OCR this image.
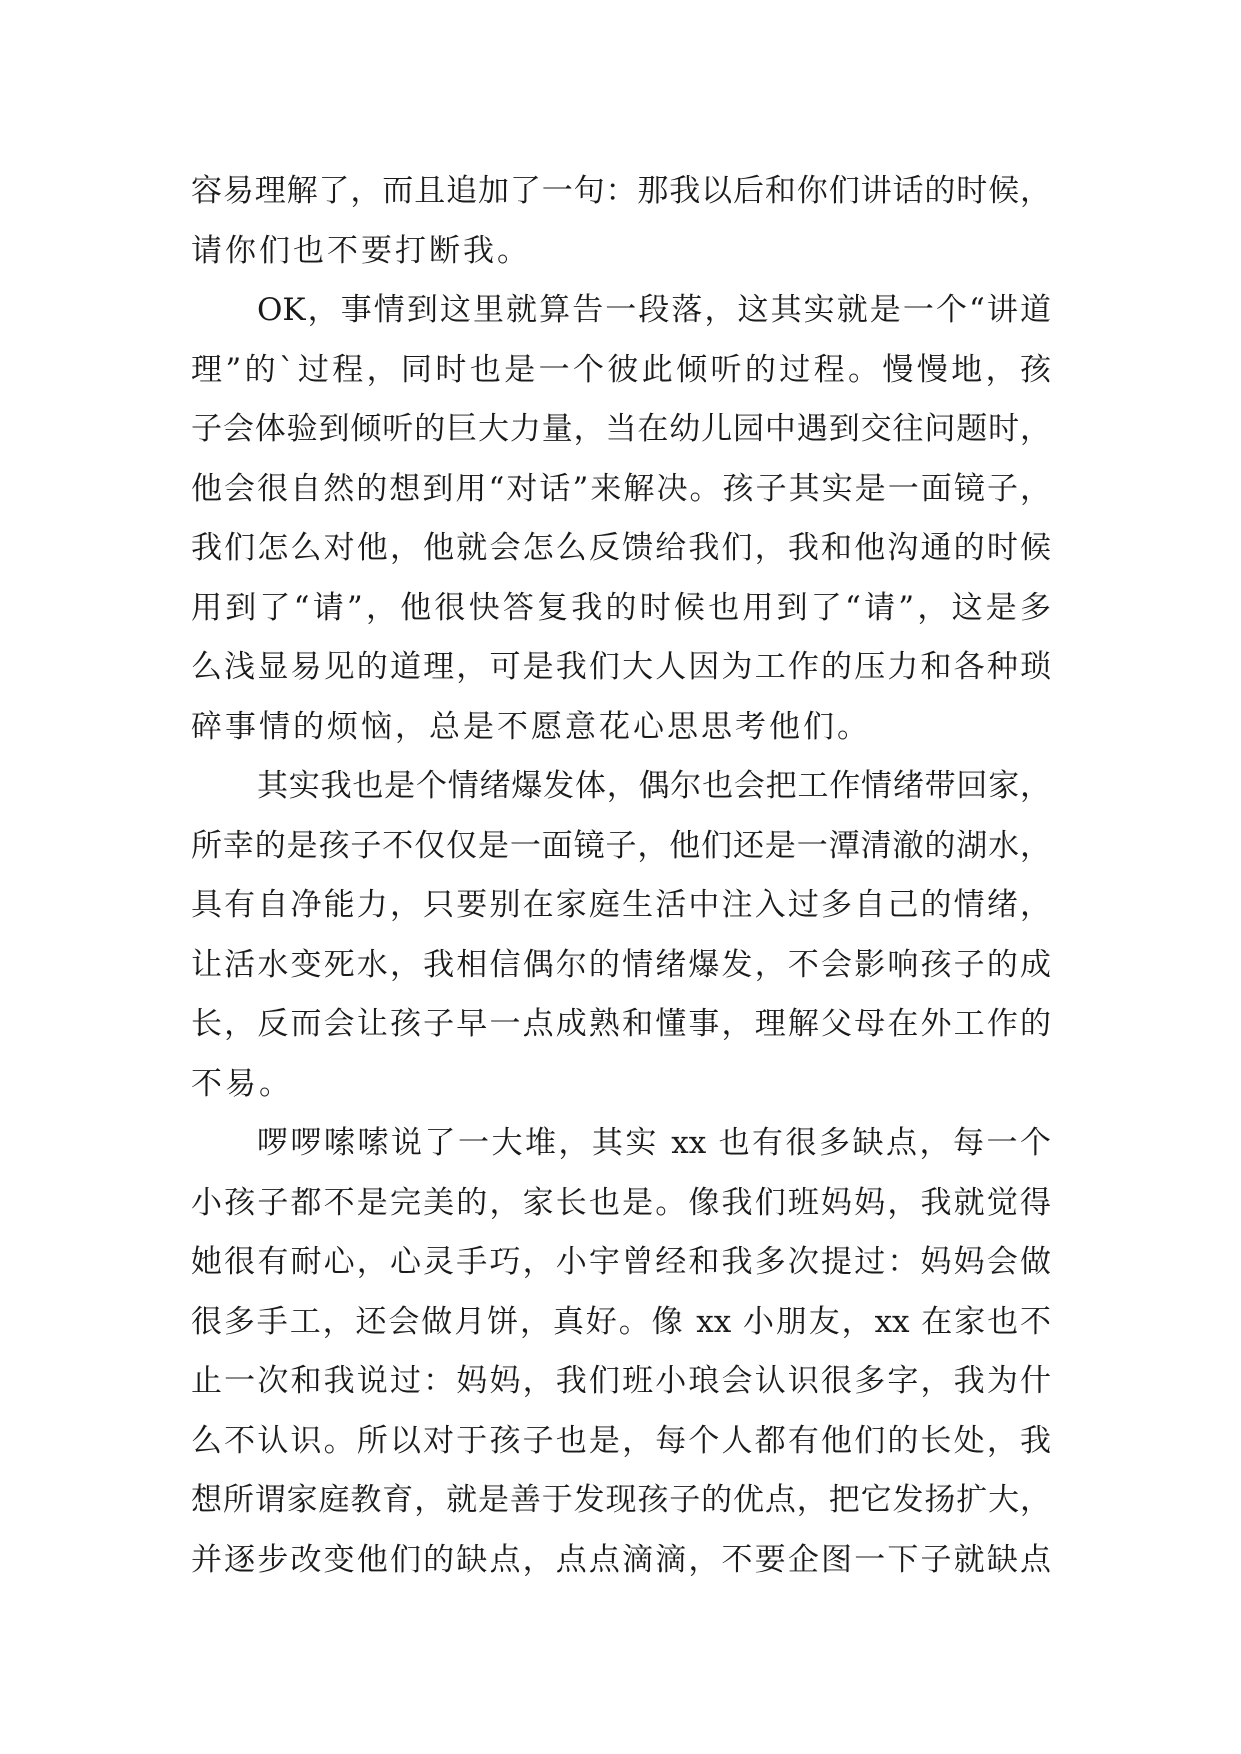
容易理解了，而且追加了一句：那我以后和你们讲话的时候，
请你们也不要打断我。
OK，事情到这里就算告一段落，这其实就是一个“讲道
理”的`过程，同时也是一个彼此倾听的过程。慢慢地，孩
子会体验到倾听的巨大力量，当在幼儿园中遇到交往问题时，
他会很自然的想到用“对话”来解决。孩子其实是一面镜子，
我们怎么对他，他就会怎么反馈给我们，我和他沟通的时候
用到了“请”，他很快答复我的时候也用到了“请”，这是多
么浅显易见的道理，可是我们大人因为工作的压力和各种琐
碎事情的烦恼，总是不愿意花心思思考他们。
其实我也是个情绪爆发体，偶尔也会把工作情绪带回家，
所幸的是孩子不仅仅是一面镜子，他们还是一潭清澈的湖水，
具有自净能力，只要别在家庭生活中注入过多自己的情绪，
让活水变死水，我相信偶尔的情绪爆发，不会影响孩子的成
长，反而会让孩子早一点成熟和懂事，理解父母在外工作的
不易。
啰啰嗦嗦说了一大堆，其实 xx 也有很多缺点，每一个
小孩子都不是完美的，家长也是。像我们班妈妈，我就觉得
她很有耐心，心灵手巧，小宇曾经和我多次提过：妈妈会做
很多手工，还会做月饼，真好。像 xx 小朋友，xx 在家也不
止一次和我说过：妈妈，我们班小琅会认识很多字，我为什
么不认识。所以对于孩子也是，每个人都有他们的长处，我
想所谓家庭教育，就是善于发现孩子的优点，把它发扬扩大，
并逐步改变他们的缺点，点点滴滴，不要企图一下子就缺点
